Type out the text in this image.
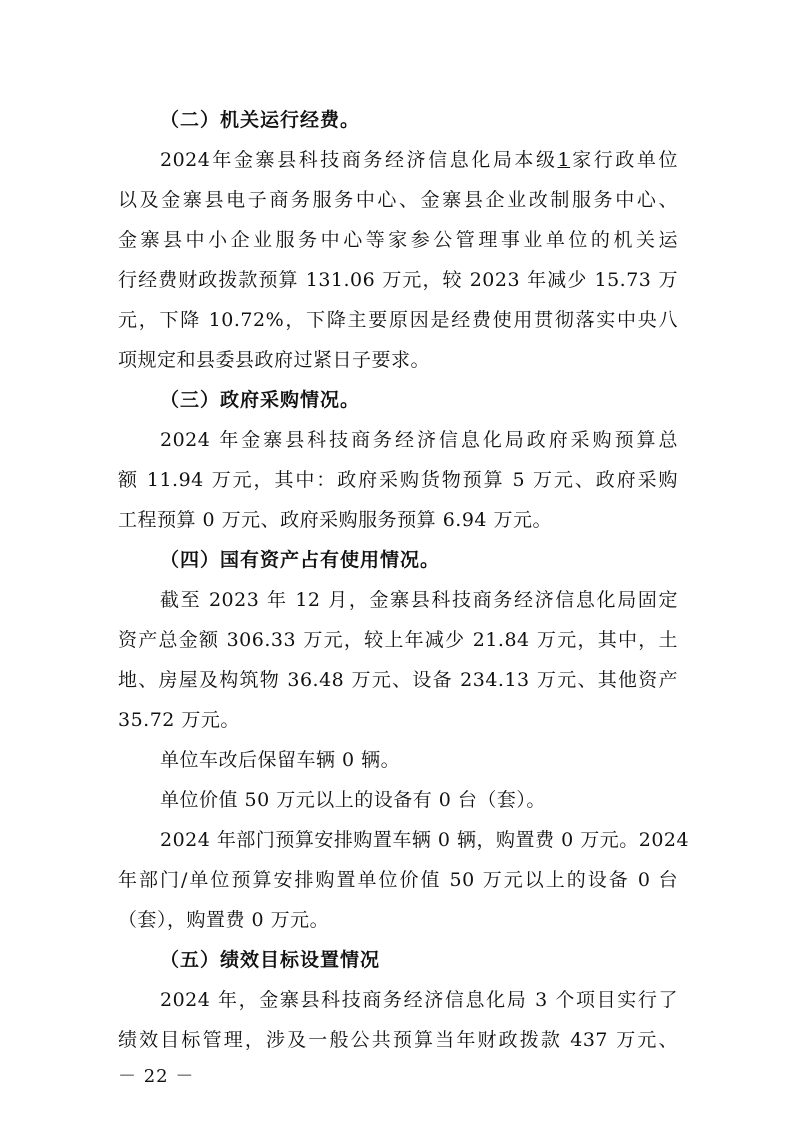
（二）机关运行经费。
2024年金寨县科技商务经济信息化局本级1家行政单位
以及金寨县电子商务服务中心、金寨县企业改制服务中心、
金寨县中小企业服务中心等家参公管理事业单位的机关运
行经费财政拨款预算 131.06 万元，较 2023 年减少 15.73 万
元，下降 10.72%，下降主要原因是经费使用贯彻落实中央八
项规定和县委县政府过紧日子要求。
（三）政府采购情况。
2024 年金寨县科技商务经济信息化局政府采购预算总
额 11.94 万元，其中：政府采购货物预算 5 万元、政府采购
工程预算 0 万元、政府采购服务预算 6.94 万元。
（四）国有资产占有使用情况。
截至 2023 年 12 月，金寨县科技商务经济信息化局固定
资产总金额 306.33 万元，较上年减少 21.84 万元，其中，土
地、房屋及构筑物 36.48 万元、设备 234.13 万元、其他资产
35.72 万元。
单位车改后保留车辆 0 辆。
单位价值 50 万元以上的设备有 0 台（套）。
2024 年部门预算安排购置车辆 0 辆，购置费 0 万元。2024
年部门/单位预算安排购置单位价值 50 万元以上的设备 0 台
（套），购置费 0 万元。
（五）绩效目标设置情况
2024 年，金寨县科技商务经济信息化局 3 个项目实行了
绩效目标管理，涉及一般公共预算当年财政拨款 437 万元、
－ 22 －
